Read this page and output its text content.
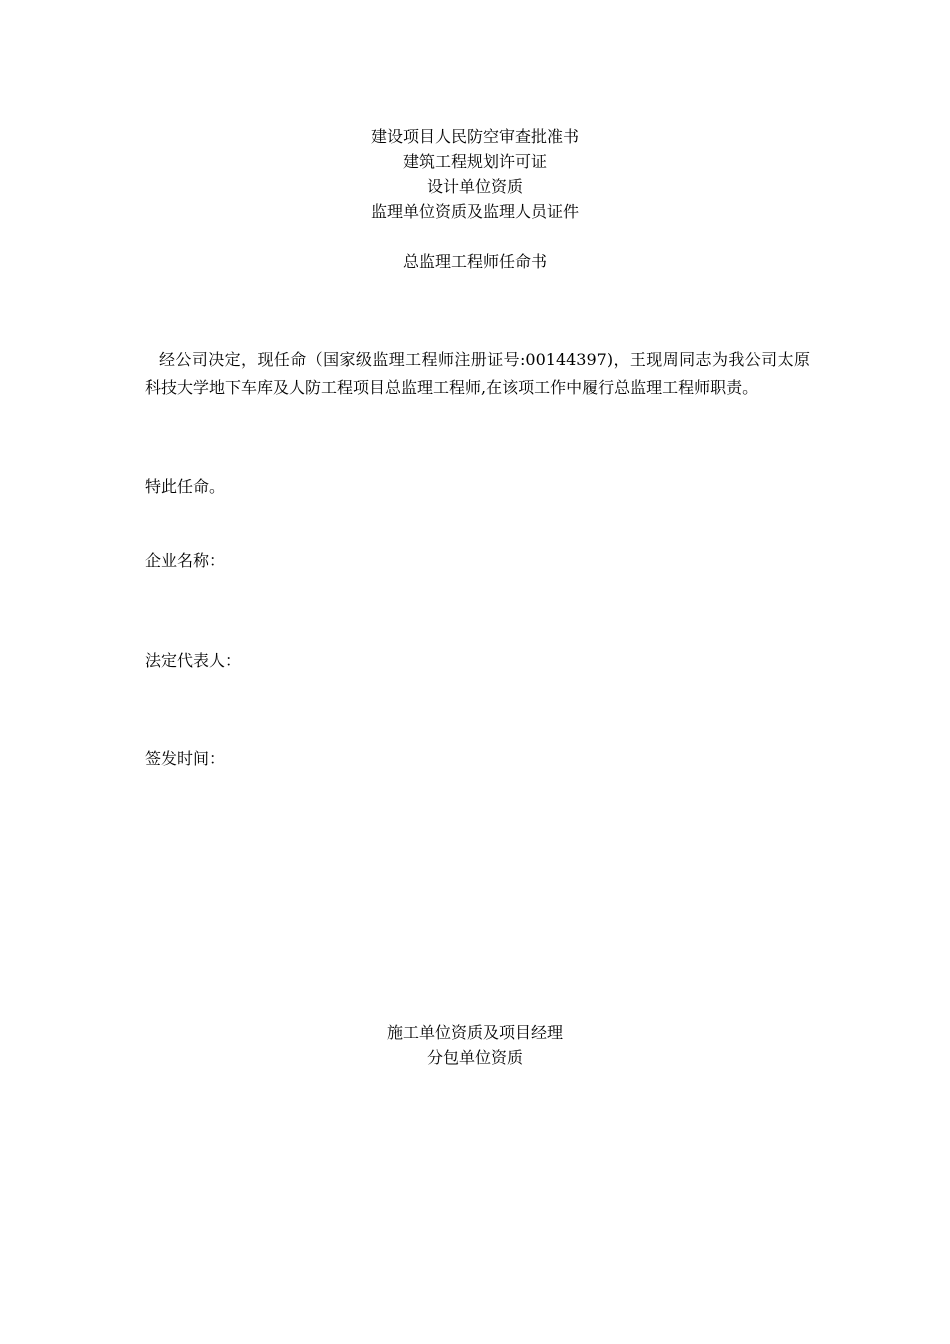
建设项目人民防空审查批准书
建筑工程规划许可证
设计单位资质
监理单位资质及监理人员证件
总监理工程师任命书
经公司决定，现任命（国家级监理工程师注册证号:00144397)，王现周同志为我公司太原科技大学地下车库及人防工程项目总监理工程师,在该项工作中履行总监理工程师职责。
特此任命。
企业名称：
法定代表人：
签发时间：
施工单位资质及项目经理
分包单位资质
